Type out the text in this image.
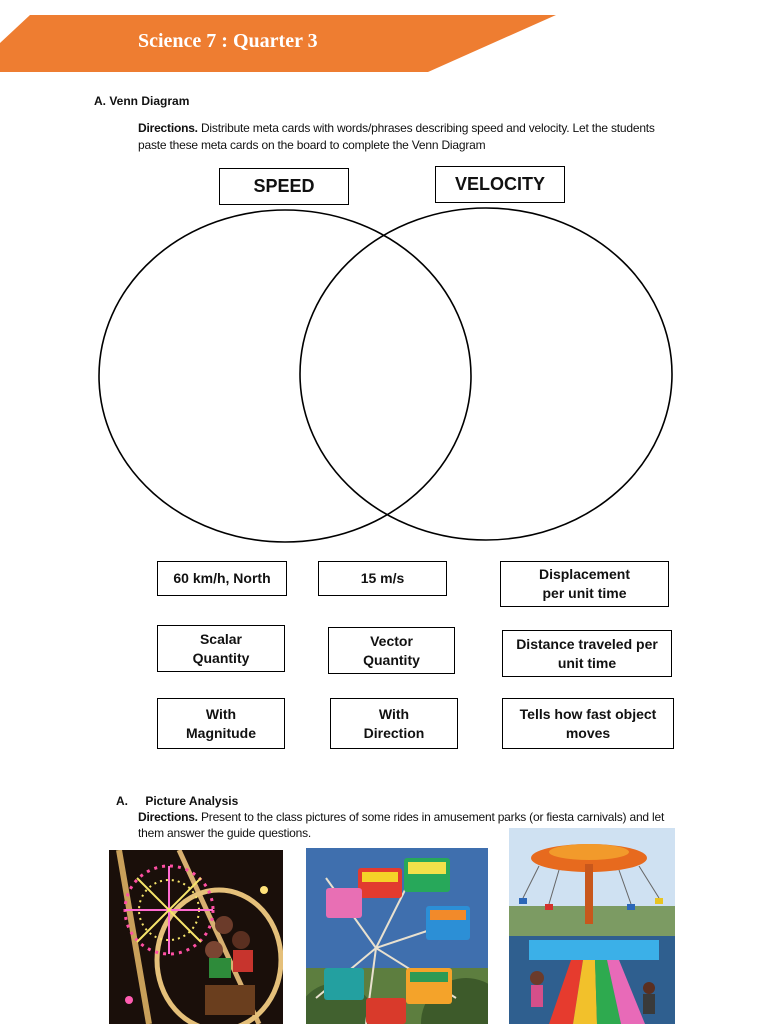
Science 7 : Quarter 3
A. Venn Diagram
Directions. Distribute meta cards with words/phrases describing speed and velocity. Let the students
paste these meta cards on the board to complete the Venn Diagram
SPEED	VELOCITY
60 km/h, North	15 m/s	Displacement
per unit time
Scalar
Quantity
Vector
Quantity
Distance traveled per
unit time
With
Magnitude
With
Direction
Tells how fast object
moves
A. Picture Analysis
Directions. Present to the class pictures of some rides in amusement parks (or fiesta carnivals) and let
them answer the guide questions.
